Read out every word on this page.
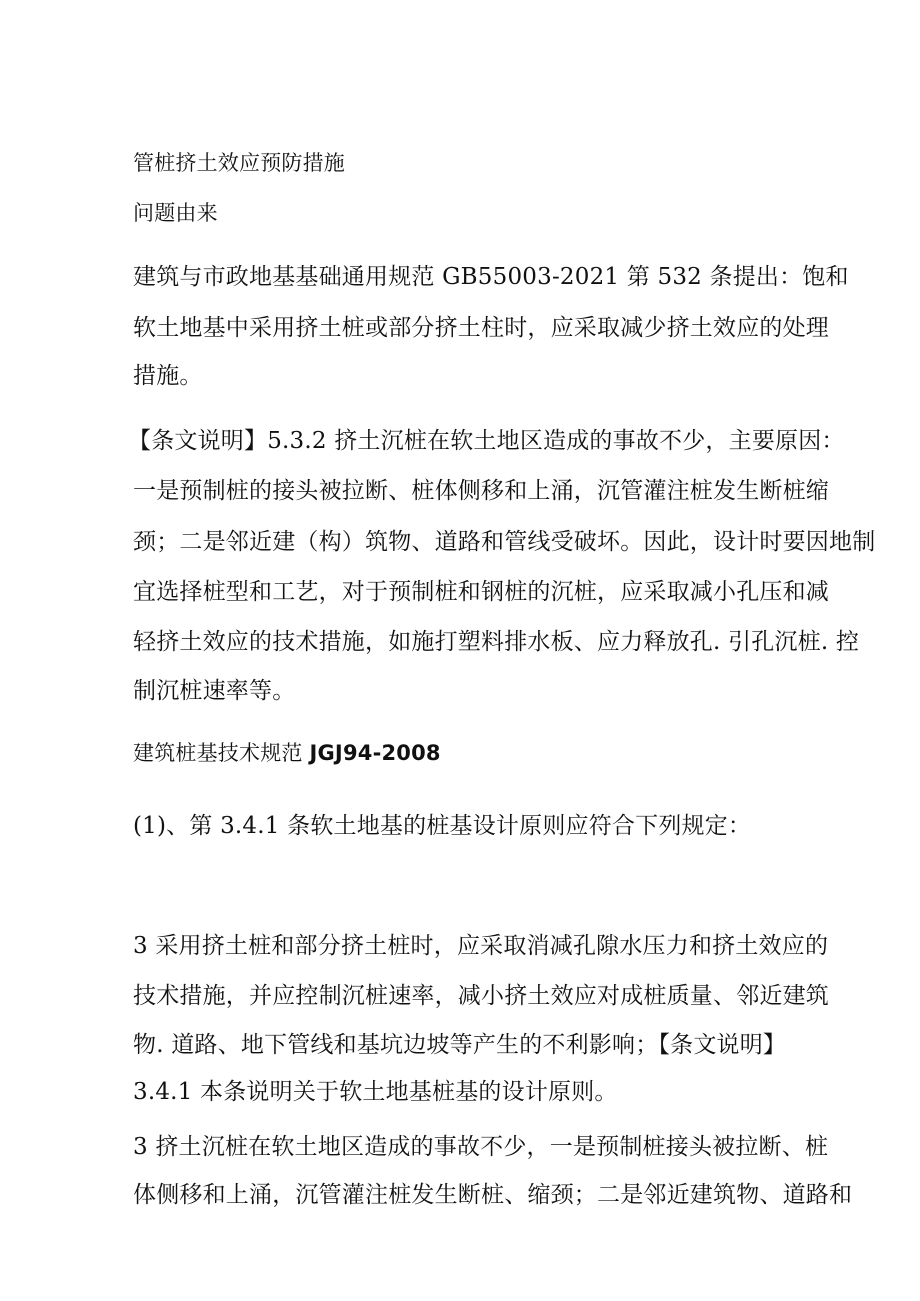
管桩挤土效应预防措施
问题由来
建筑与市政地基基础通用规范 GB55003-2021 第 532 条提出：饱和
软土地基中采用挤土桩或部分挤土柱时，应采取减少挤土效应的处理
措施。
【条文说明】5.3.2 挤土沉桩在软土地区造成的事故不少，主要原因：
一是预制桩的接头被拉断、桩体侧移和上涌，沉管灌注桩发生断桩缩
颈；二是邻近建（构）筑物、道路和管线受破坏。因此，设计时要因地制
宜选择桩型和工艺，对于预制桩和钢桩的沉桩，应采取减小孔压和减
轻挤土效应的技术措施，如施打塑料排水板、应力释放孔. 引孔沉桩. 控
制沉桩速率等。
建筑桩基技术规范 JGJ94-2008
(1)、第 3.4.1 条软土地基的桩基设计原则应符合下列规定：
3 采用挤土桩和部分挤土桩时，应采取消减孔隙水压力和挤土效应的
技术措施，并应控制沉桩速率，减小挤土效应对成桩质量、邻近建筑
物. 道路、地下管线和基坑边坡等产生的不利影响；【条文说明】
3.4.1 本条说明关于软土地基桩基的设计原则。
3 挤土沉桩在软土地区造成的事故不少，一是预制桩接头被拉断、桩
体侧移和上涌，沉管灌注桩发生断桩、缩颈；二是邻近建筑物、道路和
